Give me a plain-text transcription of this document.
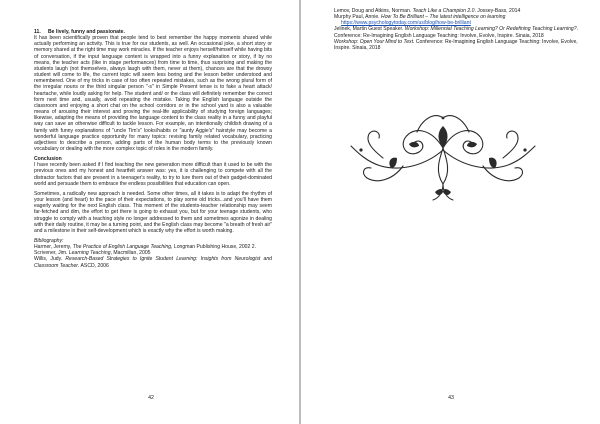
11. Be lively, funny and passionate.

It has been scientifically proven that people tend to best remember the happy moments shared while actually performing an activity. This is true for our students, as well. An occasional joke, a short story or memory shared at the right time may work miracles. If the teacher enjoys herself/himself while having bits of conversation, if the input language content is wrapped into a funny explanation or story, if by no means, the teacher acts (like in stage performances) from time to time, thus surprising and making the students laugh (not themselves, always laugh with them, never at them), chances are that the drowsy student will come to life, the current topic will seem less boring and the lesson better understood and remembered. One of my tricks in case of too often repeated mistakes, such as the wrong plural form of the irregular nouns or the third singular person "-s" in Simple Present tense is to fake a heart attack/ heartache, while loudly asking for help. The student and/ or the class will definitely remember the correct form next time and, usually, avoid repeating the mistake. Taking the English language outside the classroom and enjoying a short chat on the school corridors or in the school yard is also a valuable means of arousing their interest and proving the real-life applicability of studying foreign languages; likewise, adapting the means of providing the language content to the class reality in a funny and playful way can save an otherwise difficult to tackle lesson. For example, an intentionally childish drawing of a family with funny explanations of "uncle Tim's" looks/habits or "aunty Aggie's" hairstyle may become a wonderful language practice opportunity for many topics: revising family related vocabulary, practicing adjectives to describe a person, adding parts of the human body terms to the previously known vocabulary or dealing with the more complex topic of roles in the modern family.

Conclusion

I have recently been asked if I find teaching the new generation more difficult than it used to be with the previous ones and my honest and heartfelt answer was: yes, it is challenging to compete with all the distractor factors that are present in a teenager's reality, to try to lure them out of their gadget-dominated world and persuade them to embrace the endless possibilities that education can open.

Sometimes, a radically new approach is needed. Some other times, all it takes is to adapt the rhythm of your lesson (and heart) to the pace of their expectations, to play some old tricks...and you'll have them eagerly waiting for the next English class. This moment of the students-teacher relationship may seem far-fetched and dim, the effort to get there is going to exhaust you, but for your teenage students, who struggle to comply with a teaching style no longer addressed to them and sometimes agonize in dealing with their daily routine, it may be a turning point, and the English class may become "a breath of fresh air" and a milestone in their self-development which is exactly why the effort is worth making.

Bibliography:

Harmer, Jeremy, The Practice of English Language Teaching, Longman Publishing House, 2002 2.

Scrivener, Jim. Learning Teaching, Macmillan, 2005

Willis, Judy. Research-Based Strategies to Ignite Student Learning: Insights from Neurologist and Classroom Teacher. ASCD, 2006

42

Lemov, Doug and Atkins, Norman. Teach Like a Champion 2.0. Jossey-Bass, 2014

Murphy Paul, Annie. How To Be Brilliant – The latest intelligence on learning

https://www.psychologytoday.com/us/blog/how-be-brilliant

Jelinek, Martin Guest Speaker. Workshop: Millennial Teaching Learning? Or Redefining Teaching Learning?. Conference: Re-Imagining English Language Teaching: Involve, Evolve, Inspire. Sinaia, 2018

Workshop: Open Your Mind to Text. Conference: Re-Imagining English Language Teaching: Involve, Evolve, Inspire. Sinaia, 2018

43
